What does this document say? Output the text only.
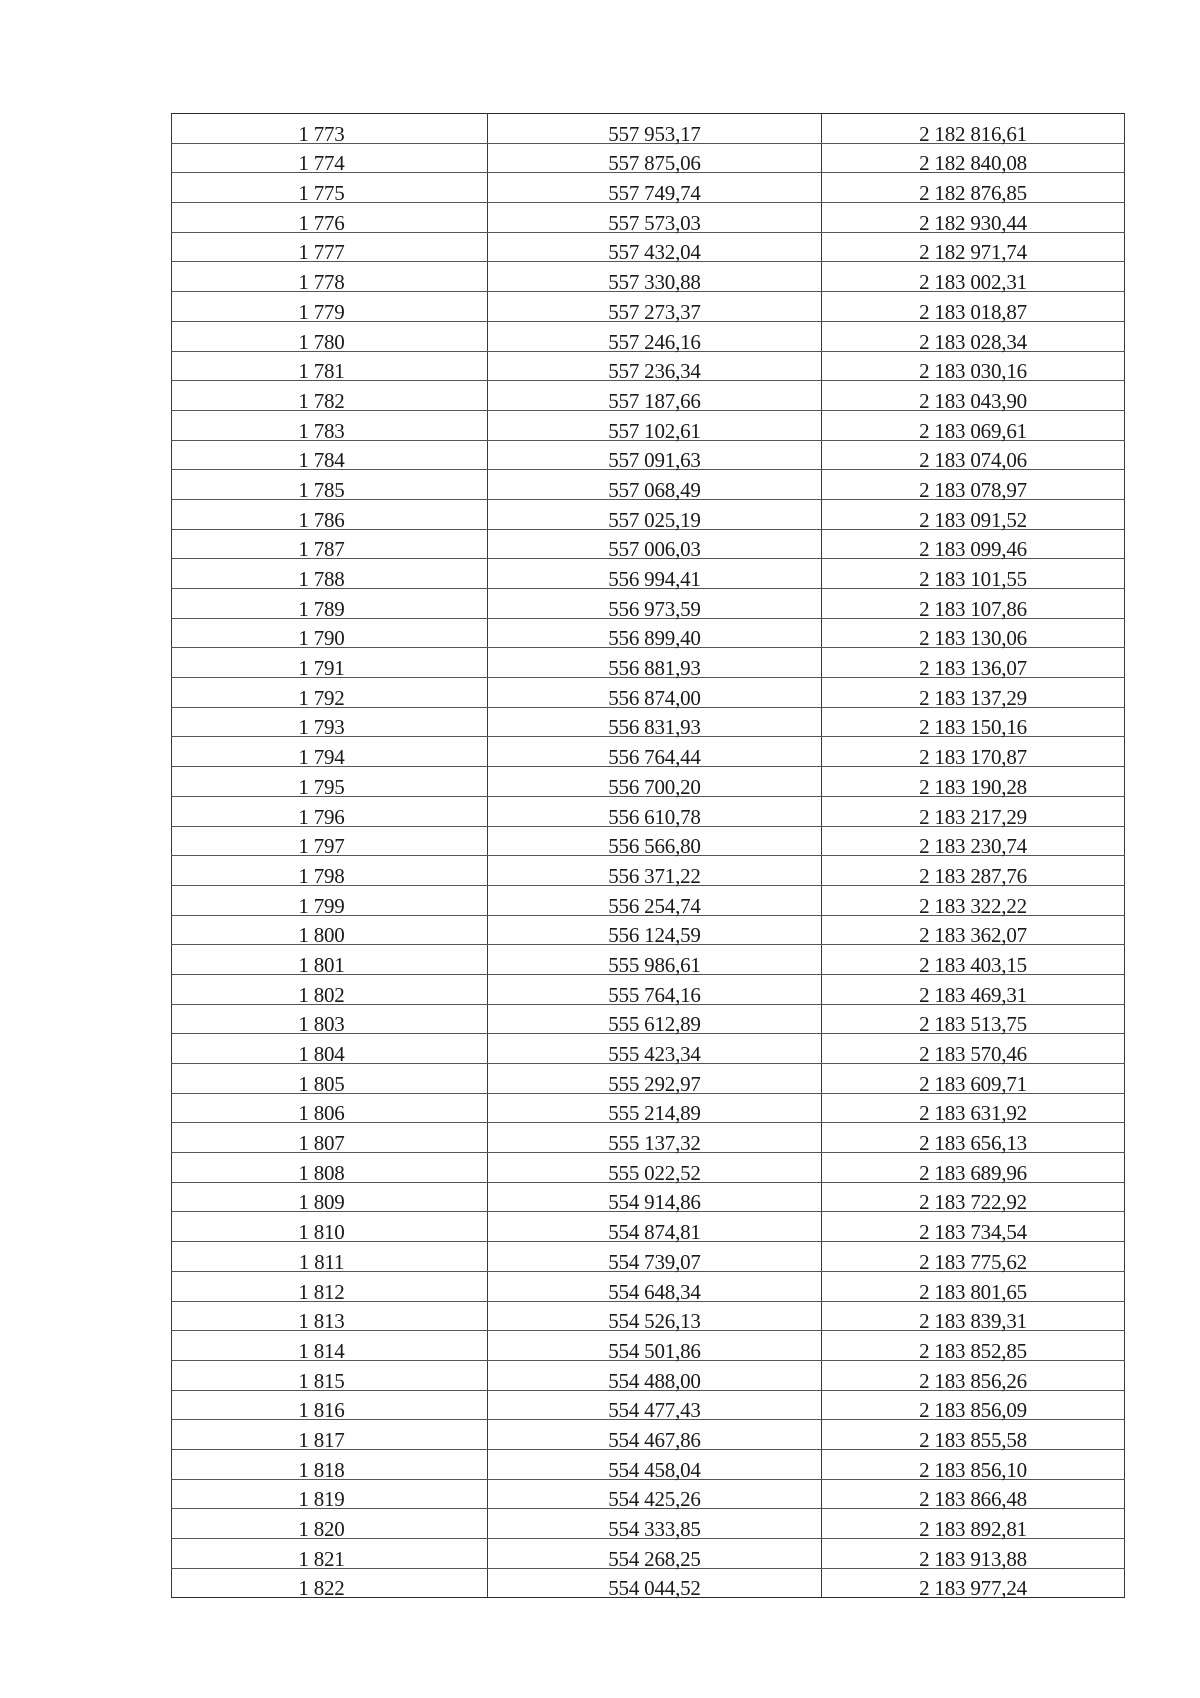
1 773	557 953,17	2 182 816,61
1 774	557 875,06	2 182 840,08
1 775	557 749,74	2 182 876,85
1 776	557 573,03	2 182 930,44
1 777	557 432,04	2 182 971,74
1 778	557 330,88	2 183 002,31
1 779	557 273,37	2 183 018,87
1 780	557 246,16	2 183 028,34
1 781	557 236,34	2 183 030,16
1 782	557 187,66	2 183 043,90
1 783	557 102,61	2 183 069,61
1 784	557 091,63	2 183 074,06
1 785	557 068,49	2 183 078,97
1 786	557 025,19	2 183 091,52
1 787	557 006,03	2 183 099,46
1 788	556 994,41	2 183 101,55
1 789	556 973,59	2 183 107,86
1 790	556 899,40	2 183 130,06
1 791	556 881,93	2 183 136,07
1 792	556 874,00	2 183 137,29
1 793	556 831,93	2 183 150,16
1 794	556 764,44	2 183 170,87
1 795	556 700,20	2 183 190,28
1 796	556 610,78	2 183 217,29
1 797	556 566,80	2 183 230,74
1 798	556 371,22	2 183 287,76
1 799	556 254,74	2 183 322,22
1 800	556 124,59	2 183 362,07
1 801	555 986,61	2 183 403,15
1 802	555 764,16	2 183 469,31
1 803	555 612,89	2 183 513,75
1 804	555 423,34	2 183 570,46
1 805	555 292,97	2 183 609,71
1 806	555 214,89	2 183 631,92
1 807	555 137,32	2 183 656,13
1 808	555 022,52	2 183 689,96
1 809	554 914,86	2 183 722,92
1 810	554 874,81	2 183 734,54
1 811	554 739,07	2 183 775,62
1 812	554 648,34	2 183 801,65
1 813	554 526,13	2 183 839,31
1 814	554 501,86	2 183 852,85
1 815	554 488,00	2 183 856,26
1 816	554 477,43	2 183 856,09
1 817	554 467,86	2 183 855,58
1 818	554 458,04	2 183 856,10
1 819	554 425,26	2 183 866,48
1 820	554 333,85	2 183 892,81
1 821	554 268,25	2 183 913,88
1 822	554 044,52	2 183 977,24
